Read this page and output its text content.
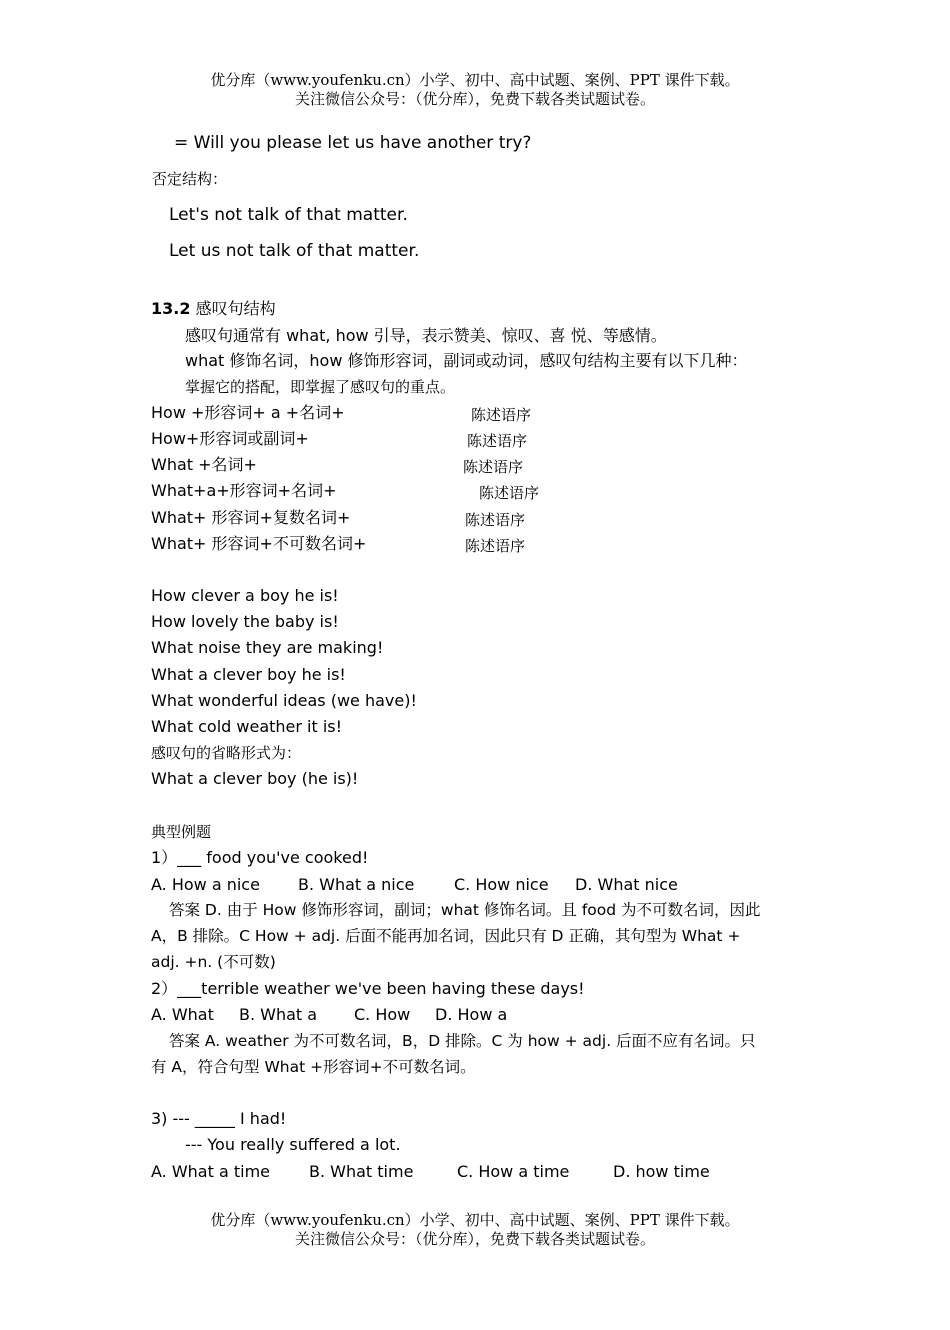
优分库（www.youfenku.cn）小学、初中、高中试题、案例、PPT 课件下载。
关注微信公众号：（优分库），免费下载各类试题试卷。
= Will you please let us have another try?
否定结构：
Let's not talk of that matter.
Let us not talk of that matter.
13.2 感叹句结构
感叹句通常有 what, how 引导，表示赞美、惊叹、喜 悦、等感情。
what 修饰名词，how 修饰形容词，副词或动词，感叹句结构主要有以下几种：
掌握它的搭配，即掌握了感叹句的重点。
How +形容词+ a +名词+	陈述语序
How+形容词或副词+	陈述语序
What +名词+	陈述语序
What+a+形容词+名词+	陈述语序
What+ 形容词+复数名词+	陈述语序
What+ 形容词+不可数名词+	陈述语序
How clever a boy he is!
How lovely the baby is!
What noise they are making!
What a clever boy he is!
What wonderful ideas (we have)!
What cold weather it is!
感叹句的省略形式为：
What a clever boy (he is)!
典型例题
1）___ food you've cooked!
A. How a nice B. What a nice C. How nice D. What nice
答案 D. 由于 How 修饰形容词，副词；what 修饰名词。且 food 为不可数名词，因此
A，B 排除。C How + adj. 后面不能再加名词，因此只有 D 正确，其句型为 What +
adj. +n. (不可数)
2）___terrible weather we've been having these days!
A. What B. What a C. How D. How a
答案 A. weather 为不可数名词，B，D 排除。C 为 how + adj. 后面不应有名词。只
有 A，符合句型 What +形容词+不可数名词。
3) --- _____ I had!
--- You really suffered a lot.
A. What a time B. What time	C. How a time	D. how time
优分库（www.youfenku.cn）小学、初中、高中试题、案例、PPT 课件下载。
关注微信公众号：（优分库），免费下载各类试题试卷。
